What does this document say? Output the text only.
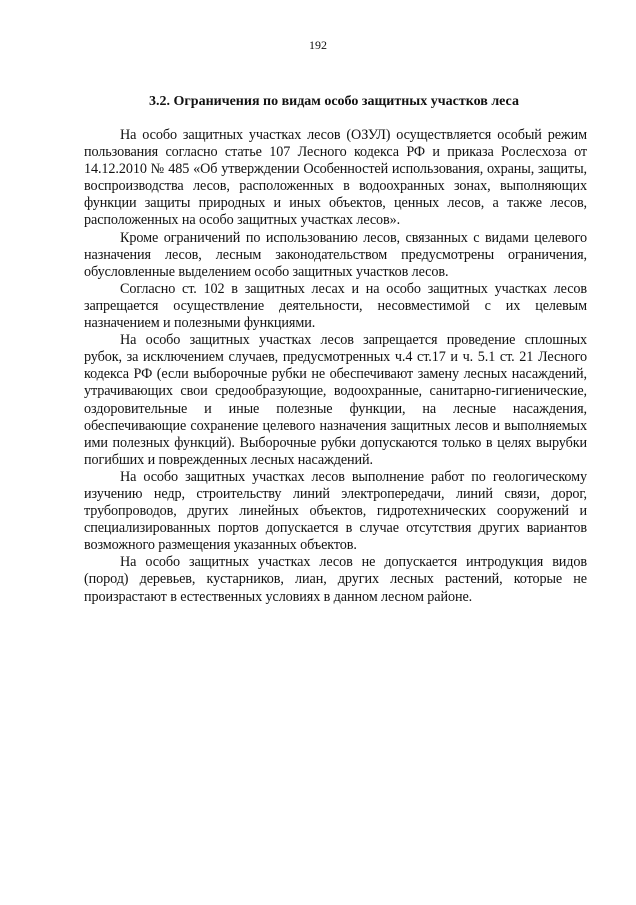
192
3.2. Ограничения по видам особо защитных участков леса

На особо защитных участках лесов (ОЗУЛ) осуществляется особый режим пользования согласно статье 107 Лесного кодекса РФ и приказа Рослесхоза от 14.12.2010 № 485 «Об утверждении Особенностей использования, охраны, защиты, воспроизводства лесов, расположенных в водоохранных зонах, выполняющих функции защиты природных и иных объектов, ценных лесов, а также лесов, расположенных на особо защитных участках лесов».

Кроме ограничений по использованию лесов, связанных с видами целевого назначения лесов, лесным законодательством предусмотрены ограничения, обусловленные выделением особо защитных участков лесов.

Согласно ст. 102 в защитных лесах и на особо защитных участках лесов запрещается осуществление деятельности, несовместимой с их целевым назначением и полезными функциями.

На особо защитных участках лесов запрещается проведение сплошных рубок, за исключением случаев, предусмотренных ч.4 ст.17 и ч. 5.1 ст. 21 Лесного кодекса РФ (если выборочные рубки не обеспечивают замену лесных насаждений, утрачивающих свои средообразующие, водоохранные, санитарно-гигиенические, оздоровительные и иные полезные функции, на лесные насаждения, обеспечивающие сохранение целевого назначения защитных лесов и выполняемых ими полезных функций). Выборочные рубки допускаются только в целях вырубки погибших и поврежденных лесных насаждений.

На особо защитных участках лесов выполнение работ по геологическому изучению недр, строительству линий электропередачи, линий связи, дорог, трубопроводов, других линейных объектов, гидротехнических сооружений и специализированных портов допускается в случае отсутствия других вариантов возможного размещения указанных объектов.

На особо защитных участках лесов не допускается интродукция видов (пород) деревьев, кустарников, лиан, других лесных растений, которые не произрастают в естественных условиях в данном лесном районе.
